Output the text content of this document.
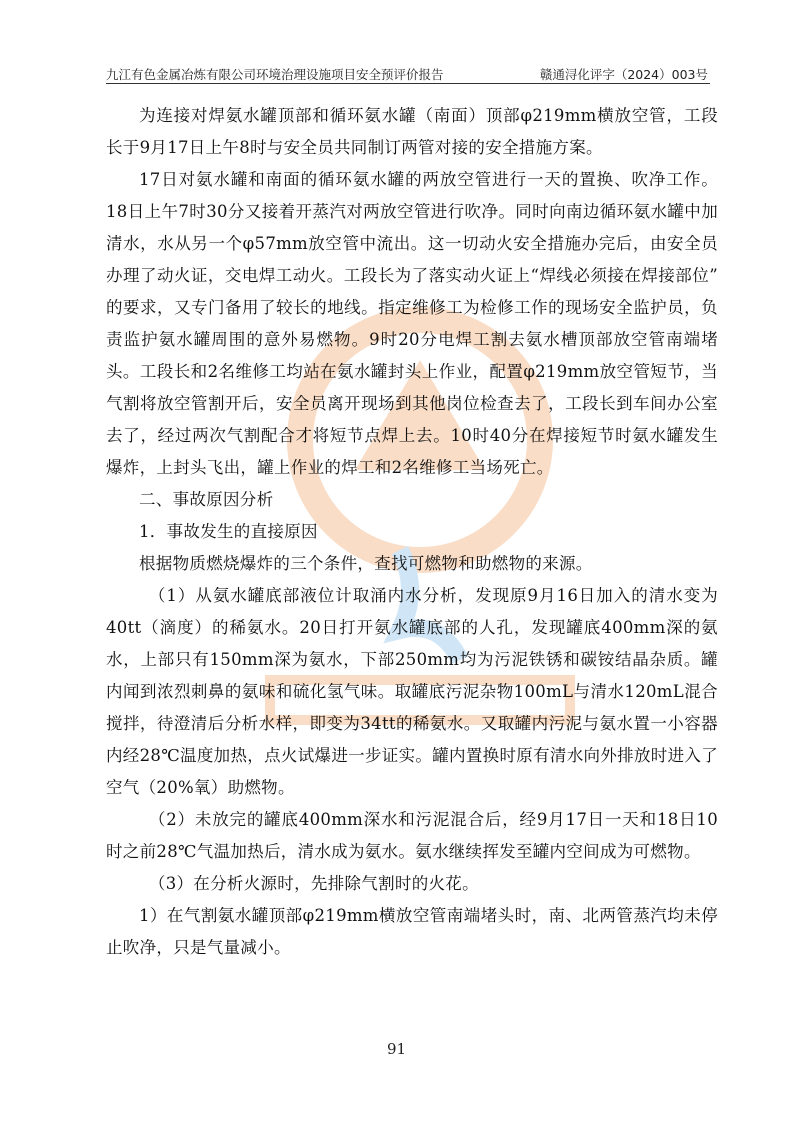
九江有色金属冶炼有限公司环境治理设施项目安全预评价报告	赣通浔化评字（2024）003号

为连接对焊氨水罐顶部和循环氨水罐（南面）顶部φ219mm横放空管，工段长于9月17日上午8时与安全员共同制订两管对接的安全措施方案。

17日对氨水罐和南面的循环氨水罐的两放空管进行一天的置换、吹净工作。18日上午7时30分又接着开蒸汽对两放空管进行吹净。同时向南边循环氨水罐中加清水，水从另一个φ57mm放空管中流出。这一切动火安全措施办完后，由安全员办理了动火证，交电焊工动火。工段长为了落实动火证上“焊线必须接在焊接部位” 的要求，又专门备用了较长的地线。指定维修工为检修工作的现场安全监护员，负责监护氨水罐周围的意外易燃物。9时20分电焊工割去氨水槽顶部放空管南端堵头。工段长和2名维修工均站在氨水罐封头上作业，配置φ219mm放空管短节，当气割将放空管割开后，安全员离开现场到其他岗位检查去了，工段长到车间办公室去了，经过两次气割配合才将短节点焊上去。10时40分在焊接短节时氨水罐发生爆炸，上封头飞出，罐上作业的焊工和2名维修工当场死亡。

二、事故原因分析

1．事故发生的直接原因

根据物质燃烧爆炸的三个条件，查找可燃物和助燃物的来源。

（1）从氨水罐底部液位计取涌内水分析，发现原9月16日加入的清水变为40tt（滴度）的稀氨水。20日打开氨水罐底部的人孔，发现罐底400mm深的氨水，上部只有150mm深为氨水，下部250mm均为污泥铁锈和碳铵结晶杂质。罐内闻到浓烈刺鼻的氨味和硫化氢气味。取罐底污泥杂物100mL与清水120mL混合搅拌，待澄清后分析水样，即变为34tt的稀氨水。又取罐内污泥与氨水置一小容器内经28℃温度加热，点火试爆进一步证实。罐内置换时原有清水向外排放时进入了空气（20%氧）助燃物。

（2）未放完的罐底400mm深水和污泥混合后，经9月17日一天和18日10时之前28℃气温加热后，清水成为氨水。氨水继续挥发至罐内空间成为可燃物。

（3）在分析火源时，先排除气割时的火花。

1）在气割氨水罐顶部φ219mm横放空管南端堵头时，南、北两管蒸汽均未停止吹净，只是气量减小。

91
